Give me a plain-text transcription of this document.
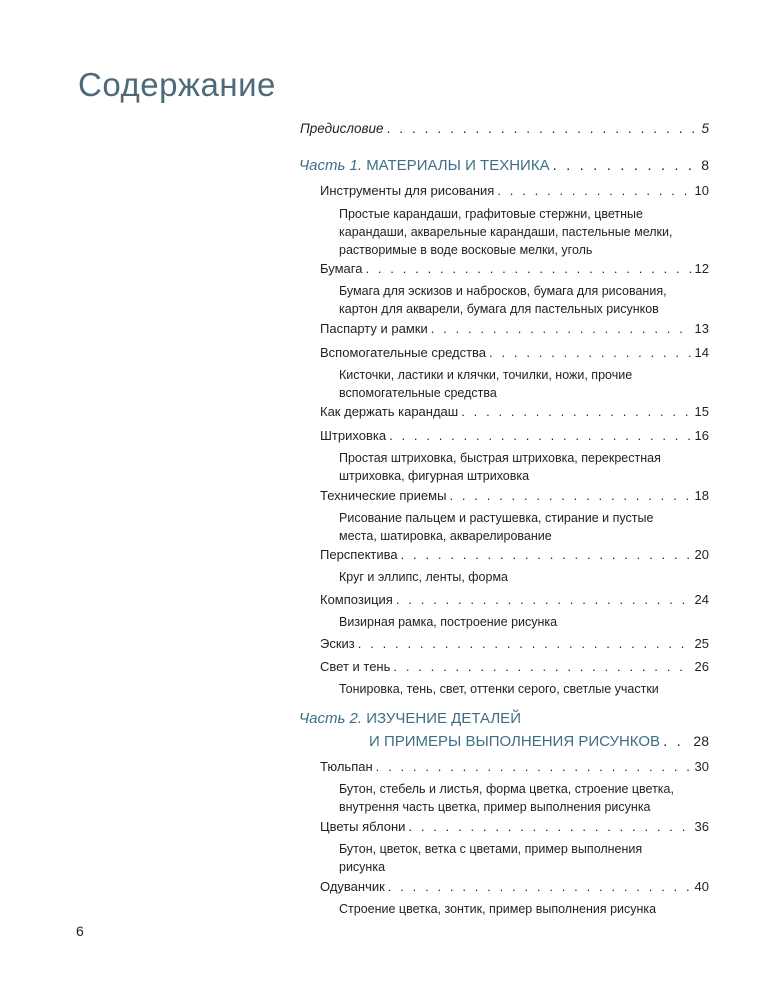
Содержание
Предисловие . . .	5
Часть 1. МАТЕРИАЛЫ И ТЕХНИКА . . .	8
Инструменты для рисования . . .	10
Простые карандаши, графитовые стержни, цветные карандаши, акварельные карандаши, пастельные мелки, растворимые в воде восковые мелки, уголь
Бумага . . .	12
Бумага для эскизов и набросков, бумага для рисования, картон для акварели, бумага для пастельных рисунков
Паспарту и рамки . . .	13
Вспомогательные средства . . .	14
Кисточки, ластики и клячки, точилки, ножи, прочие вспомогательные средства
Как держать карандаш . . .	15
Штриховка . . .	16
Простая штриховка, быстрая штриховка, перекрестная штриховка, фигурная штриховка
Технические приемы . . .	18
Рисование пальцем и растушевка, стирание и пустые места, шатировка, акварелирование
Перспектива . . .	20
Круг и эллипс, ленты, форма
Композиция . . .	24
Визирная рамка, построение рисунка
Эскиз . . .	25
Свет и тень . . .	26
Тонировка, тень, свет, оттенки серого, светлые участки
Часть 2. ИЗУЧЕНИЕ ДЕТАЛЕЙ
И ПРИМЕРЫ ВЫПОЛНЕНИЯ РИСУНКОВ . . . 28
Тюльпан . . .	30
Бутон, стебель и листья, форма цветка, строение цветка, внутрення часть цветка, пример выполнения рисунка
Цветы яблони . . .	36
Бутон, цветок, ветка с цветами, пример выполнения рисунка
Одуванчик . . .	40
Строение цветка, зонтик, пример выполнения рисунка
6
